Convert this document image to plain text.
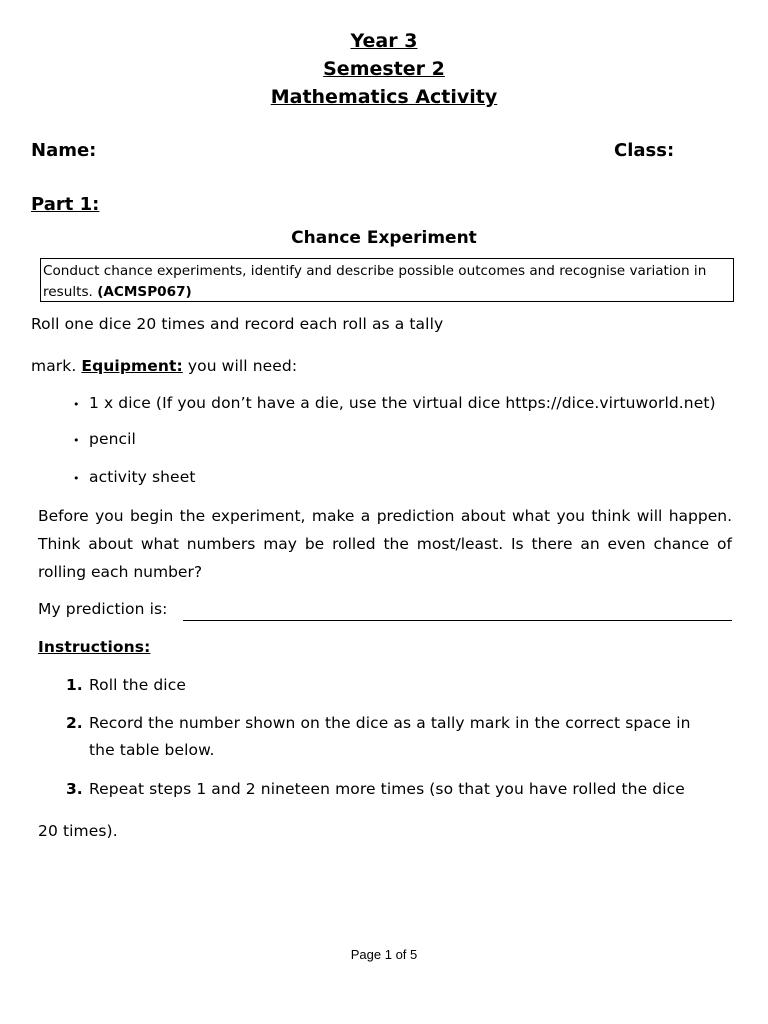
Year 3
Semester 2
Mathematics Activity
Name:	Class:
Part 1:
Chance Experiment
Conduct chance experiments, identify and describe possible outcomes and recognise variation in results. (ACMSP067)
Roll one dice 20 times and record each roll as a tally
mark. Equipment: you will need:
• 1 x dice (If you don’t have a die, use the virtual dice https://dice.virtuworld.net)
• pencil
• activity sheet
Before you begin the experiment, make a prediction about what you think will happen. Think about what numbers may be rolled the most/least. Is there an even chance of rolling each number?
My prediction is:
Instructions:
1. Roll the dice
2. Record the number shown on the dice as a tally mark in the correct space in
the table below.
3. Repeat steps 1 and 2 nineteen more times (so that you have rolled the dice
20 times).
Page 1 of 5
